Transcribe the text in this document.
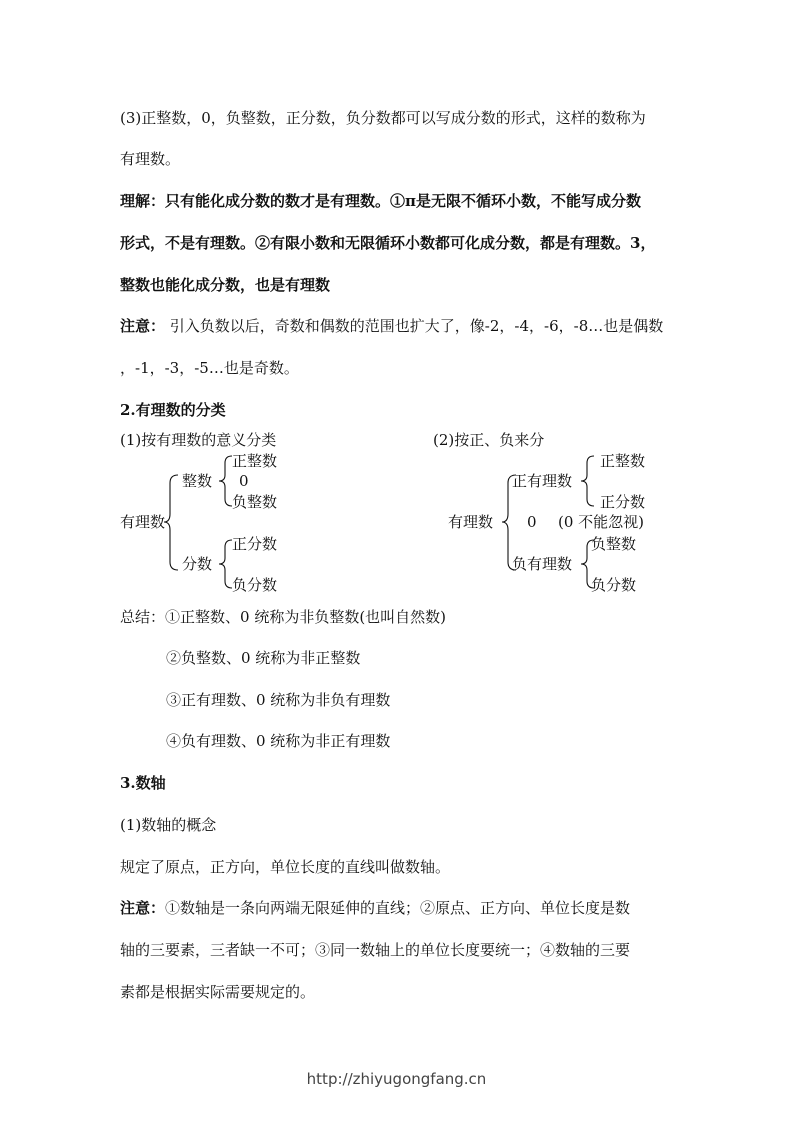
(3)正整数，0，负整数，正分数，负分数都可以写成分数的形式，这样的数称为
有理数。
理解：只有能化成分数的数才是有理数。①π是无限不循环小数，不能写成分数
形式，不是有理数。②有限小数和无限循环小数都可化成分数，都是有理数。3，
整数也能化成分数，也是有理数
注意： 引入负数以后，奇数和偶数的范围也扩大了，像-2，-4，-6，-8…也是偶数
，-1，-3，-5…也是奇数。
2.有理数的分类
(1)按有理数的意义分类	(2)按正、负来分
有理数
整数
正整数
0
负整数
分数
正分数
负分数
有理数
正有理数
正整数
正分数
0 (0 不能忽视)
负有理数
负整数
负分数
总结：①正整数、0 统称为非负整数(也叫自然数)
②负整数、0 统称为非正整数
③正有理数、0 统称为非负有理数
④负有理数、0 统称为非正有理数
3.数轴
(1)数轴的概念
规定了原点，正方向，单位长度的直线叫做数轴。
注意：①数轴是一条向两端无限延伸的直线；②原点、正方向、单位长度是数
轴的三要素，三者缺一不可；③同一数轴上的单位长度要统一；④数轴的三要
素都是根据实际需要规定的。
http://zhiyugongfang.cn
